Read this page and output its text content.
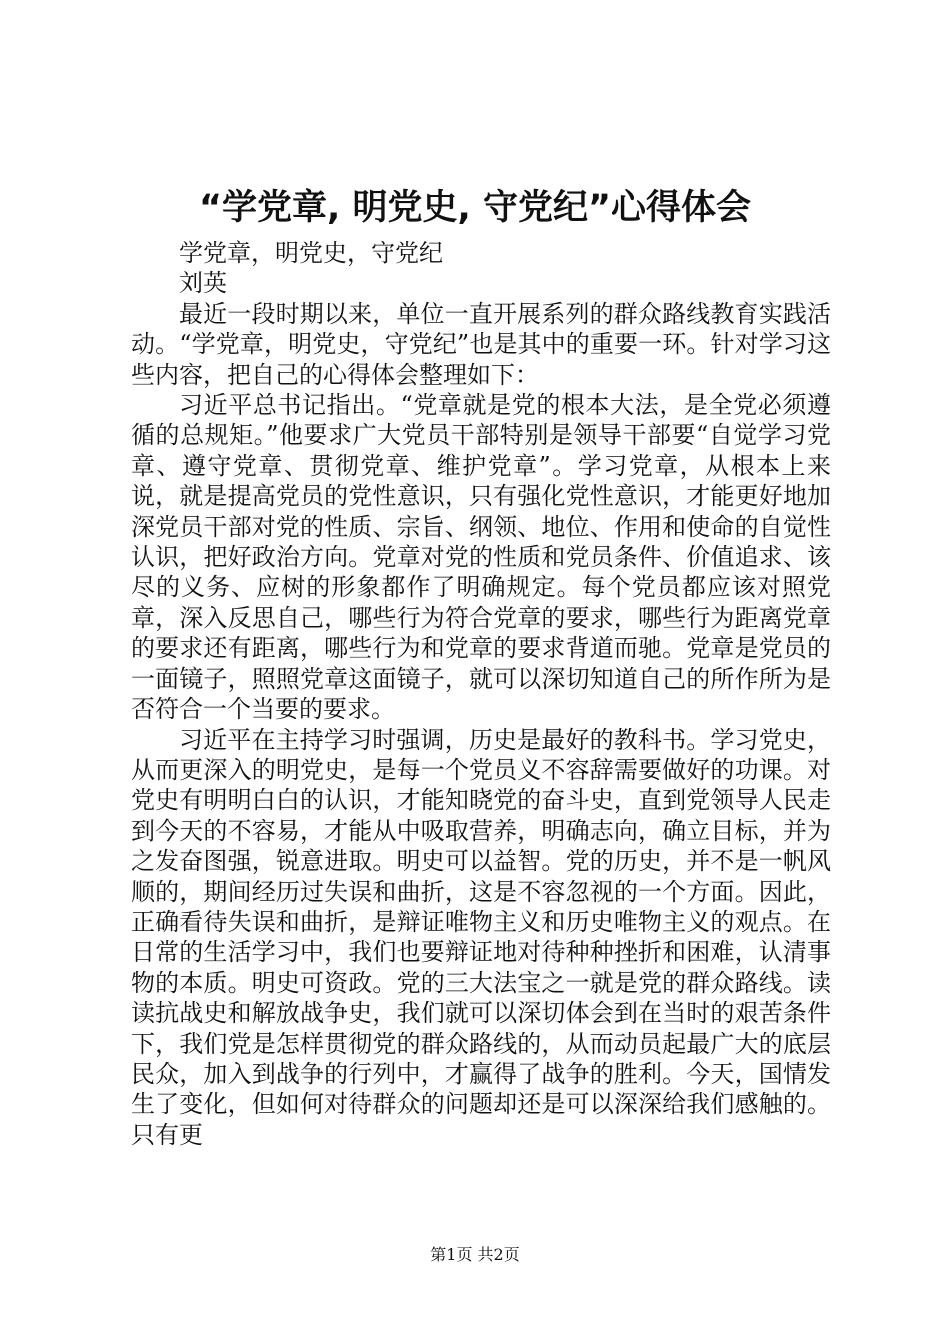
“学党章, 明党史, 守党纪”心得体会

学党章，明党史，守党纪

刘英

最近一段时期以来，单位一直开展系列的群众路线教育实践活动。“学党章，明党史，守党纪”也是其中的重要一环。针对学习这些内容，把自己的心得体会整理如下：

习近平总书记指出。“党章就是党的根本大法，是全党必须遵循的总规矩。”他要求广大党员干部特别是领导干部要“自觉学习党章、遵守党章、贯彻党章、维护党章”。学习党章，从根本上来说，就是提高党员的党性意识，只有强化党性意识，才能更好地加深党员干部对党的性质、宗旨、纲领、地位、作用和使命的自觉性认识，把好政治方向。党章对党的性质和党员条件、价值追求、该尽的义务、应树的形象都作了明确规定。每个党员都应该对照党章，深入反思自己，哪些行为符合党章的要求，哪些行为距离党章的要求还有距离，哪些行为和党章的要求背道而驰。党章是党员的一面镜子，照照党章这面镜子，就可以深切知道自己的所作所为是否符合一个当要的要求。

习近平在主持学习时强调，历史是最好的教科书。学习党史，从而更深入的明党史，是每一个党员义不容辞需要做好的功课。对党史有明明白白的认识，才能知晓党的奋斗史，直到党领导人民走到今天的不容易，才能从中吸取营养，明确志向，确立目标，并为之发奋图强，锐意进取。明史可以益智。党的历史，并不是一帆风顺的，期间经历过失误和曲折，这是不容忽视的一个方面。因此，正确看待失误和曲折，是辩证唯物主义和历史唯物主义的观点。在日常的生活学习中，我们也要辩证地对待种种挫折和困难，认清事物的本质。明史可资政。党的三大法宝之一就是党的群众路线。读读抗战史和解放战争史，我们就可以深切体会到在当时的艰苦条件下，我们党是怎样贯彻党的群众路线的，从而动员起最广大的底层民众，加入到战争的行列中，才赢得了战争的胜利。今天，国情发生了变化，但如何对待群众的问题却还是可以深深给我们感触的。只有更

第1页 共2页
